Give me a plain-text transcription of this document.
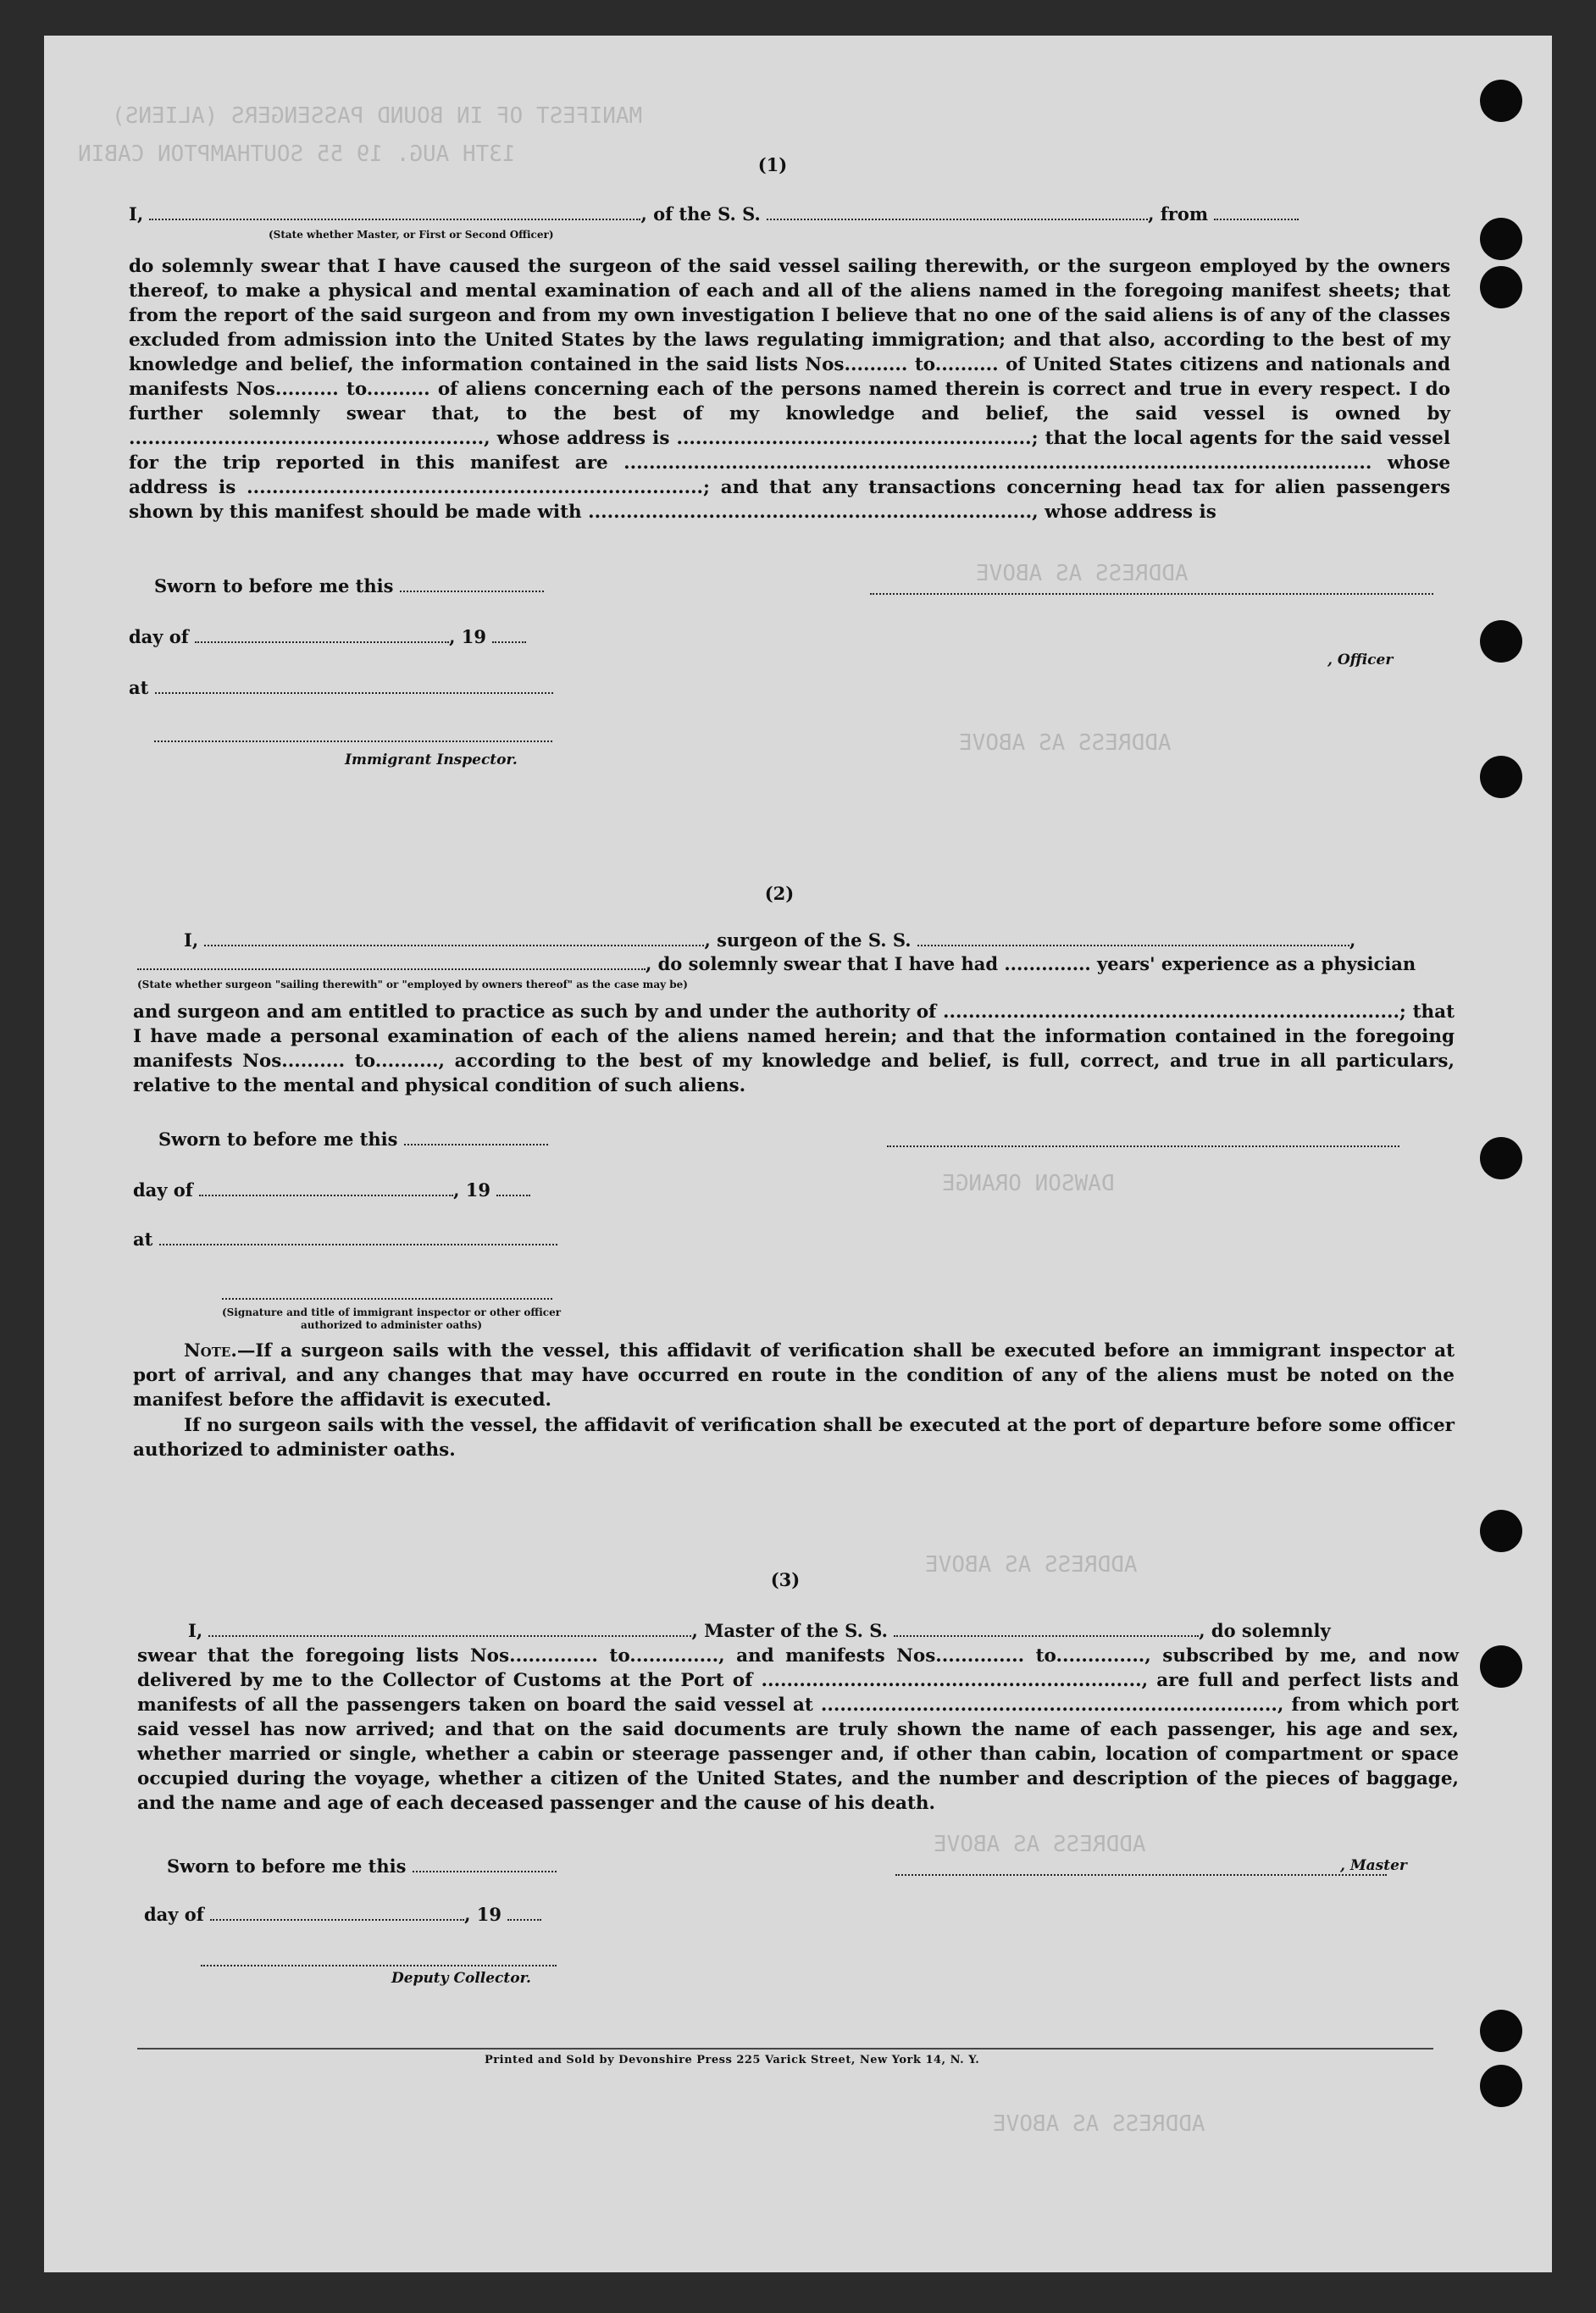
MANIFEST OF IN BOUND PASSENGERS (ALIENS)
13TH AUG. 19 55 SOUTHAMPTON CABIN
ADDRESS AS ABOVE
ADDRESS AS ABOVE
DAWSON ORANGE
ADDRESS AS ABOVE
ADDRESS AS ABOVE
ADDRESS AS ABOVE
(1)
I,	, of the S. S.	, from
(State whether Master, or First or Second Officer)
do solemnly swear that I have caused the surgeon of the said vessel sailing therewith, or the surgeon employed by the owners thereof, to make a physical and mental examination of each and all of the aliens named in the foregoing manifest sheets; that from the report of the said surgeon and from my own investigation I believe that no one of the said aliens is of any of the classes excluded from admission into the United States by the laws regulating immigration; and that also, according to the best of my knowledge and belief, the information contained in the said lists Nos.......... to.......... of United States citizens and nationals and manifests Nos.......... to.......... of aliens concerning each of the persons named therein is correct and true in every respect. I do further solemnly swear that, to the best of my knowledge and belief, the said vessel is owned by ........................................................, whose address is ........................................................; that the local agents for the said vessel for the trip reported in this manifest are ...................................................................................................................... whose address is ........................................................................; and that any transactions concerning head tax for alien passengers shown by this manifest should be made with ......................................................................, whose address is
Sworn to before me this
day of	, 19
, Officer
at
Immigrant Inspector.
(2)
I,	, surgeon of the S. S.	,
, do solemnly swear that I have had .............. years' experience as a physician
(State whether surgeon "sailing therewith" or "employed by owners thereof" as the case may be)
and surgeon and am entitled to practice as such by and under the authority of ........................................................................; that I have made a personal examination of each of the aliens named herein; and that the information contained in the foregoing manifests Nos.......... to.........., according to the best of my knowledge and belief, is full, correct, and true in all particulars, relative to the mental and physical condition of such aliens.
Sworn to before me this
day of	, 19
at
(Signature and title of immigrant inspector or other officer authorized to administer oaths)
Note.—If a surgeon sails with the vessel, this affidavit of verification shall be executed before an immigrant inspector at port of arrival, and any changes that may have occurred en route in the condition of any of the aliens must be noted on the manifest before the affidavit is executed.
If no surgeon sails with the vessel, the affidavit of verification shall be executed at the port of departure before some officer authorized to administer oaths.
(3)
I,	, Master of the S. S.	, do solemnly
swear that the foregoing lists Nos.............. to.............., and manifests Nos.............. to.............., subscribed by me, and now delivered by me to the Collector of Customs at the Port of ............................................................, are full and perfect lists and manifests of all the passengers taken on board the said vessel at ........................................................................, from which port said vessel has now arrived; and that on the said documents are truly shown the name of each passenger, his age and sex, whether married or single, whether a cabin or steerage passenger and, if other than cabin, location of compartment or space occupied during the voyage, whether a citizen of the United States, and the number and description of the pieces of baggage, and the name and age of each deceased passenger and the cause of his death.
Sworn to before me this	, Master
day of	, 19
Deputy Collector.
Printed and Sold by Devonshire Press 225 Varick Street, New York 14, N. Y.
